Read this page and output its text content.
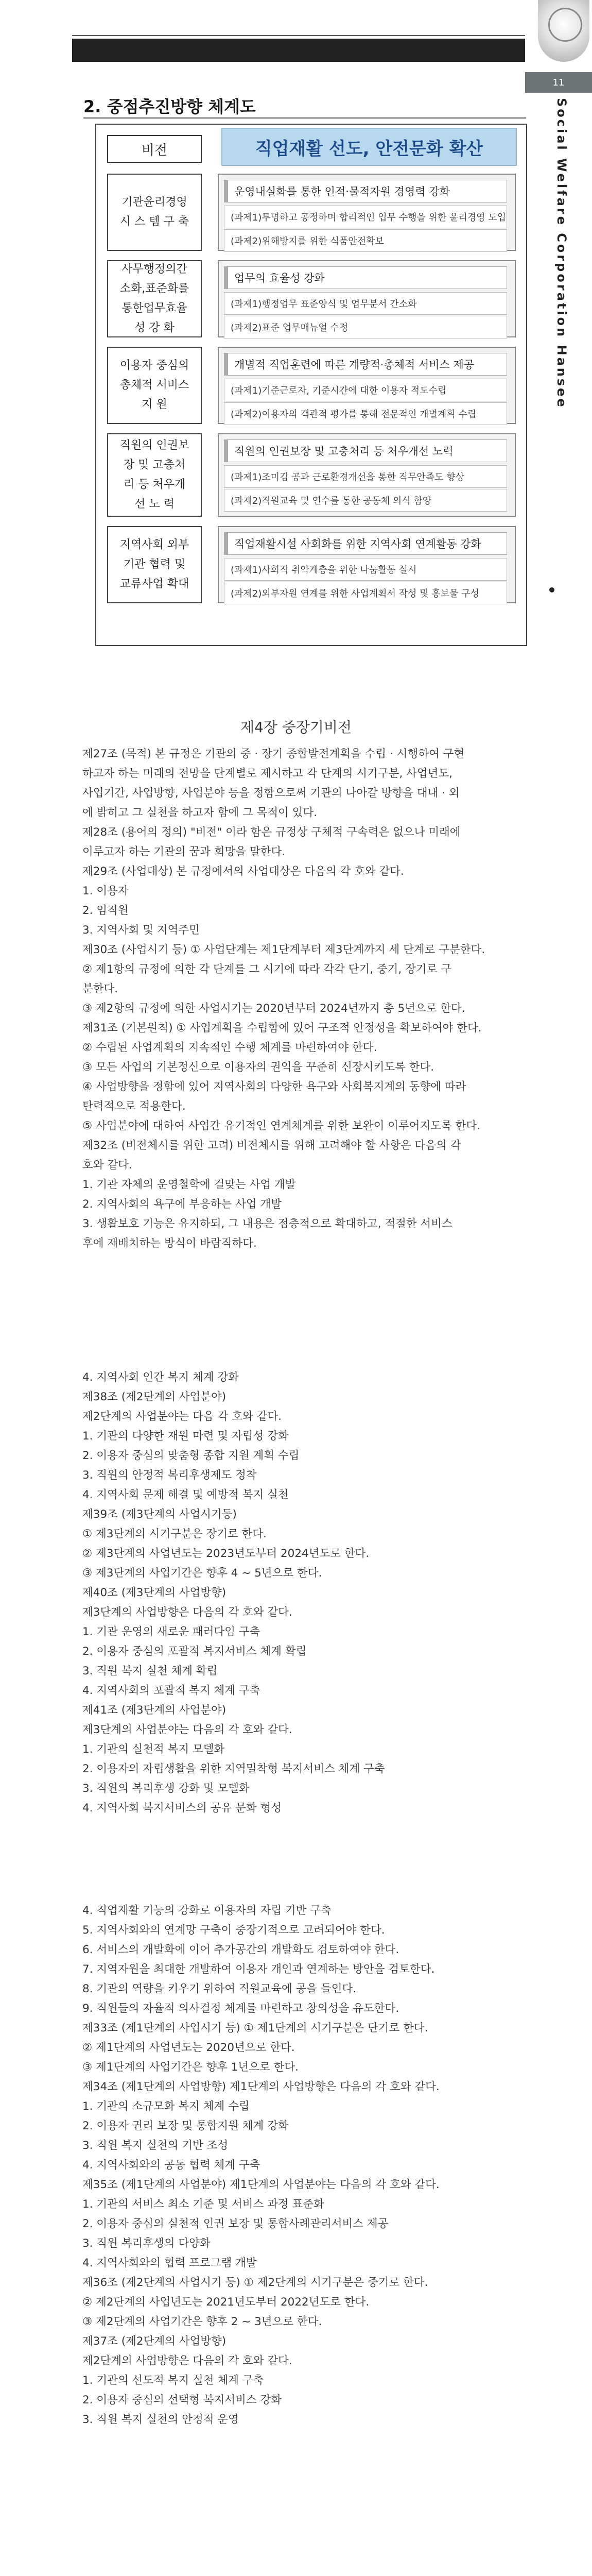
11
Social Welfare Corporation Hansee
2. 중점추진방향 체계도
비전	직업재활 선도, 안전문화 확산
기관윤리경영
시 스 템 구 축
운영내실화를 통한 인적·물적자원 경영력 강화
(과제1)투명하고 공정하며 합리적인 업무 수행을 위한 윤리경영 도입
(과제2)위해방지를 위한 식품안전확보
사무행정의간
소화,표준화를
통한업무효율
성 강 화
업무의 효율성 강화
(과제1)행정업무 표준양식 및 업무분서 간소화
(과제2)표준 업무매뉴얼 수정
이용자 중심의
총체적 서비스
지 원
개별적 직업훈련에 따른 계량적·총체적 서비스 제공
(과제1)기준근로자, 기준시간에 대한 이용자 적도수립
(과제2)이용자의 객관적 평가를 통해 전문적인 개별계획 수립
직원의 인권보
장 및 고충처
리 등 처우개
선 노 력
직원의 인권보장 및 고충처리 등 처우개선 노력
(과제1)조미김 공과 근로환경개선을 통한 직무안족도 향상
(과제2)직원교육 및 연수를 통한 공동체 의식 함양
지역사회 외부
기관 협력 및
교류사업 확대
직업재활시설 사회화를 위한 지역사회 연계활동 강화
(과제1)사회적 취약계층을 위한 나눔활동 실시
(과제2)외부자원 연계를 위한 사업계획서 작성 및 홍보물 구성
제4장 중장기비전
제27조 (목적) 본 규정은 기관의 중 · 장기 종합발전계획을 수립 · 시행하여 구현
하고자 하는 미래의 전망을 단계별로 제시하고 각 단계의 시기구분, 사업년도,
사업기간, 사업방향, 사업분야 등을 정함으로써 기관의 나아갈 방향을 대내 · 외
에 밝히고 그 실천을 하고자 함에 그 목적이 있다.
제28조 (용어의 정의) "비전" 이라 함은 규정상 구체적 구속력은 없으나 미래에
이루고자 하는 기관의 꿈과 희망을 말한다.
제29조 (사업대상) 본 규정에서의 사업대상은 다음의 각 호와 같다.
1. 이용자
2. 임직원
3. 지역사회 및 지역주민
제30조 (사업시기 등) ① 사업단계는 제1단계부터 제3단계까지 세 단계로 구분한다.
② 제1항의 규정에 의한 각 단계를 그 시기에 따라 각각 단기, 중기, 장기로 구
분한다.
③ 제2항의 규정에 의한 사업시기는 2020년부터 2024년까지 총 5년으로 한다.
제31조 (기본원칙) ① 사업계획을 수립함에 있어 구조적 안정성을 확보하여야 한다.
② 수립된 사업계획의 지속적인 수행 체계를 마련하여야 한다.
③ 모든 사업의 기본정신으로 이용자의 권익을 꾸준히 신장시키도록 한다.
④ 사업방향을 정함에 있어 지역사회의 다양한 욕구와 사회복지계의 동향에 따라
탄력적으로 적용한다.
⑤ 사업분야에 대하여 사업간 유기적인 연계체계를 위한 보완이 이루어지도록 한다.
제32조 (비전체시를 위한 고려) 비전체시를 위해 고려해야 할 사항은 다음의 각
호와 같다.
1. 기관 자체의 운영철학에 걸맞는 사업 개발
2. 지역사회의 욕구에 부응하는 사업 개발
3. 생활보호 기능은 유지하되, 그 내용은 점층적으로 확대하고, 적절한 서비스
후에 재배치하는 방식이 바람직하다.
4. 지역사회 인간 복지 체계 강화
제38조 (제2단계의 사업분야)
제2단계의 사업분야는 다음 각 호와 같다.
1. 기관의 다양한 재원 마련 및 자립성 강화
2. 이용자 중심의 맞춤형 종합 지원 계획 수립
3. 직원의 안정적 복리후생제도 정착
4. 지역사회 문제 해결 및 예방적 복지 실천
제39조 (제3단계의 사업시기등)
① 제3단계의 시기구분은 장기로 한다.
② 제3단계의 사업년도는 2023년도부터 2024년도로 한다.
③ 제3단계의 사업기간은 향후 4 ~ 5년으로 한다.
제40조 (제3단계의 사업방향)
제3단계의 사업방향은 다음의 각 호와 같다.
1. 기관 운영의 새로운 패러다임 구축
2. 이용자 중심의 포괄적 복지서비스 체계 확립
3. 직원 복지 실천 체계 확립
4. 지역사회의 포괄적 복지 체계 구축
제41조 (제3단계의 사업분야)
제3단계의 사업분야는 다음의 각 호와 같다.
1. 기관의 실천적 복지 모델화
2. 이용자의 자립생활을 위한 지역밀착형 복지서비스 체계 구축
3. 직원의 복리후생 강화 및 모델화
4. 지역사회 복지서비스의 공유 문화 형성
4. 직업재활 기능의 강화로 이용자의 자립 기반 구축
5. 지역사회와의 연계망 구축이 중장기적으로 고려되어야 한다.
6. 서비스의 개발화에 이어 추가공간의 개발화도 검토하여야 한다.
7. 지역자원을 최대한 개발하여 이용자 개인과 연계하는 방안을 검토한다.
8. 기관의 역량을 키우기 위하여 직원교육에 공을 들인다.
9. 직원들의 자율적 의사결정 체계를 마련하고 창의성을 유도한다.
제33조 (제1단계의 사업시기 등) ① 제1단계의 시기구분은 단기로 한다.
② 제1단계의 사업년도는 2020년으로 한다.
③ 제1단계의 사업기간은 향후 1년으로 한다.
제34조 (제1단계의 사업방향) 제1단계의 사업방향은 다음의 각 호와 같다.
1. 기관의 소규모화 복지 체계 수립
2. 이용자 권리 보장 및 통합지원 체계 강화
3. 직원 복지 실천의 기반 조성
4. 지역사회와의 공동 협력 체계 구축
제35조 (제1단계의 사업분야) 제1단계의 사업분야는 다음의 각 호와 같다.
1. 기관의 서비스 최소 기준 및 서비스 과정 표준화
2. 이용자 중심의 실천적 인권 보장 및 통합사례관리서비스 제공
3. 직원 복리후생의 다양화
4. 지역사회와의 협력 프로그램 개발
제36조 (제2단계의 사업시기 등) ① 제2단계의 시기구분은 중기로 한다.
② 제2단계의 사업년도는 2021년도부터 2022년도로 한다.
③ 제2단계의 사업기간은 향후 2 ~ 3년으로 한다.
제37조 (제2단계의 사업방향)
제2단계의 사업방향은 다음의 각 호와 같다.
1. 기관의 선도적 복지 실천 체계 구축
2. 이용자 중심의 선택형 복지서비스 강화
3. 직원 복지 실천의 안정적 운영
